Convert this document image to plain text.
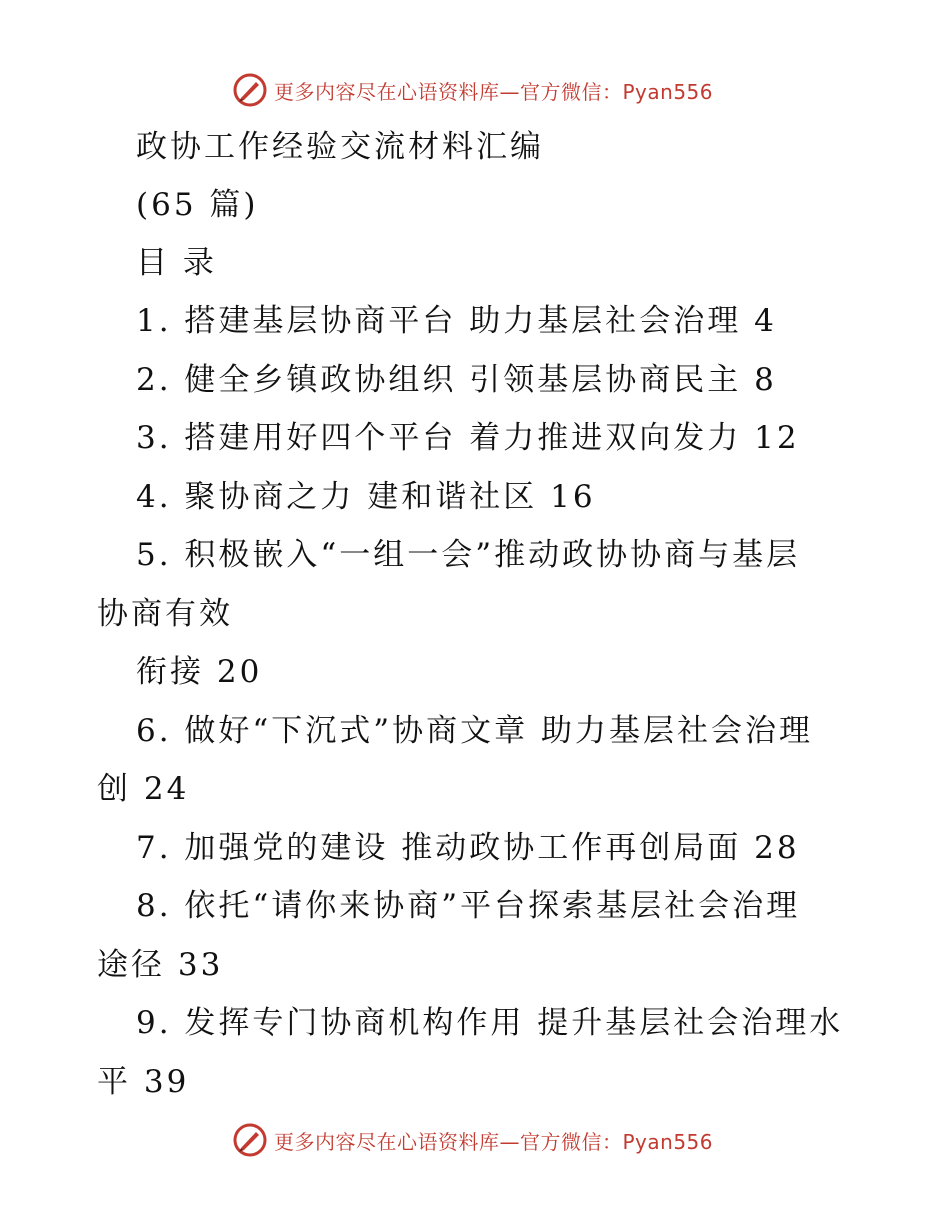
更多内容尽在心语资料库—官方微信：Pyan556
政协工作经验交流材料汇编
(65 篇)
目 录
1. 搭建基层协商平台 助力基层社会治理 4
2. 健全乡镇政协组织 引领基层协商民主 8
3. 搭建用好四个平台 着力推进双向发力 12
4. 聚协商之力 建和谐社区 16
5. 积极嵌入“一组一会”推动政协协商与基层
协商有效
衔接 20
6. 做好“下沉式”协商文章 助力基层社会治理
创 24
7. 加强党的建设 推动政协工作再创局面 28
8. 依托“请你来协商”平台探索基层社会治理
途径 33
9. 发挥专门协商机构作用 提升基层社会治理水
平 39
更多内容尽在心语资料库—官方微信：Pyan556
